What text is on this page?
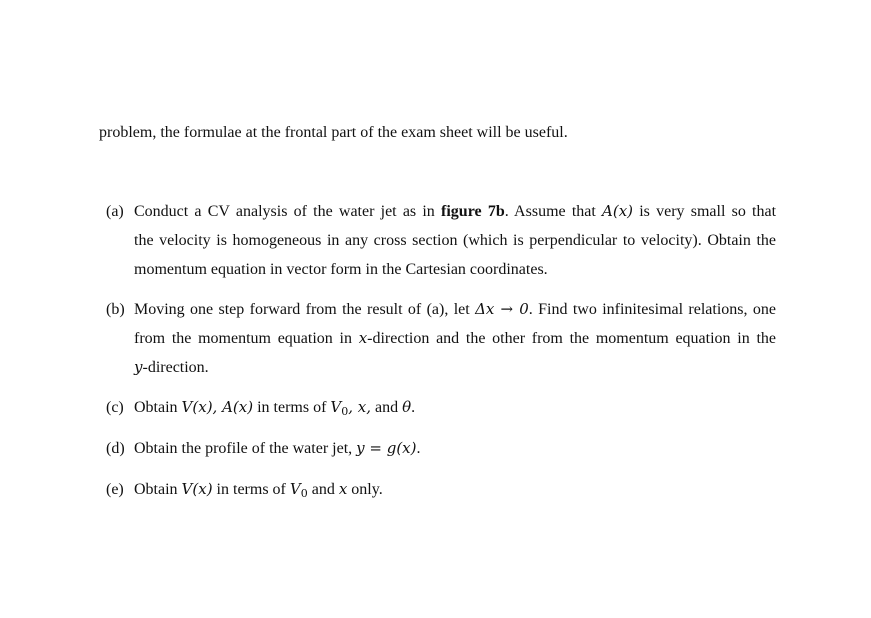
problem, the formulae at the frontal part of the exam sheet will be useful.
(a) Conduct a CV analysis of the water jet as in figure 7b. Assume that A(x) is very small so that
the velocity is homogeneous in any cross section (which is perpendicular to velocity). Obtain the
momentum equation in vector form in the Cartesian coordinates.
(b) Moving one step forward from the result of (a), let Δx → 0. Find two infinitesimal relations, one
from the momentum equation in x-direction and the other from the momentum equation in the
y-direction.
(c) Obtain V(x), A(x) in terms of $V_0$, x, and θ.
(d) Obtain the profile of the water jet, y = g(x).
(e) Obtain V(x) in terms of $V_0$ and x only.
